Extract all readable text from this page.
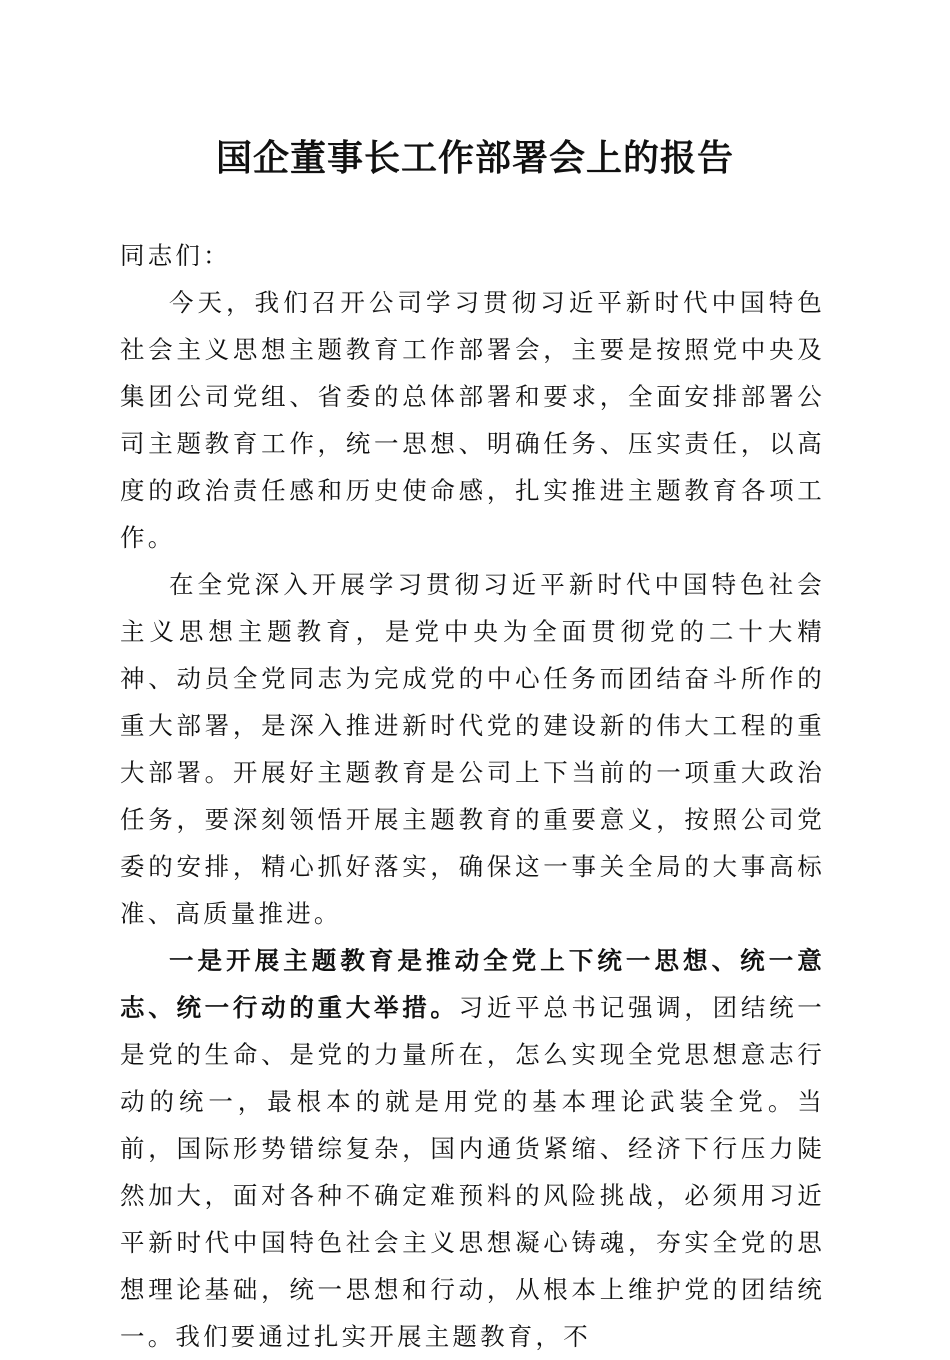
国企董事长工作部署会上的报告

同志们：

今天，我们召开公司学习贯彻习近平新时代中国特色社会主义思想主题教育工作部署会，主要是按照党中央及集团公司党组、省委的总体部署和要求，全面安排部署公司主题教育工作，统一思想、明确任务、压实责任，以高度的政治责任感和历史使命感，扎实推进主题教育各项工作。

在全党深入开展学习贯彻习近平新时代中国特色社会主义思想主题教育，是党中央为全面贯彻党的二十大精神、动员全党同志为完成党的中心任务而团结奋斗所作的重大部署，是深入推进新时代党的建设新的伟大工程的重大部署。开展好主题教育是公司上下当前的一项重大政治任务，要深刻领悟开展主题教育的重要意义，按照公司党委的安排，精心抓好落实，确保这一事关全局的大事高标准、高质量推进。

一是开展主题教育是推动全党上下统一思想、统一意志、统一行动的重大举措。习近平总书记强调，团结统一是党的生命、是党的力量所在，怎么实现全党思想意志行动的统一，最根本的就是用党的基本理论武装全党。当前，国际形势错综复杂，国内通货紧缩、经济下行压力陡然加大，面对各种不确定难预料的风险挑战，必须用习近平新时代中国特色社会主义思想凝心铸魂，夯实全党的思想理论基础，统一思想和行动，从根本上维护党的团结统一。我们要通过扎实开展主题教育，不
